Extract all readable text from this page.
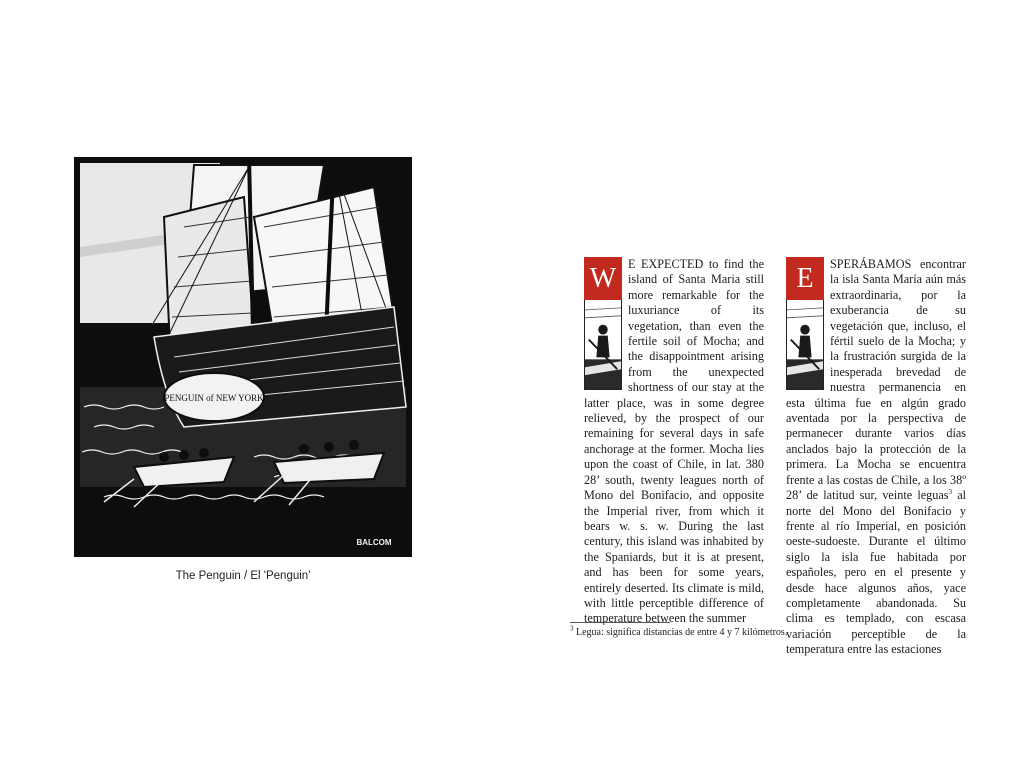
PENGUIN of NEW YORK
BALCOM
The Penguin / El 'Penguin'
W E EXPECTED to find the island of Santa Maria still more remarkable for the luxuriance of its vegetation, than even the fertile soil of Mocha; and the disappointment arising from the unexpected shortness of our stay at the latter place, was in some degree relieved, by the prospect of our remaining for several days in safe anchorage at the former. Mocha lies upon the coast of Chile, in lat. 380 28’ south, twenty leagues north of Mono del Bonifacio, and opposite the Imperial river, from which it bears w. s. w. During the last century, this island was inhabited by the Spaniards, but it is at present, and has been for some years, entirely deserted. Its climate is mild, with little perceptible difference of temperature between the summer

E	SPERÁBAMOS encontrar la isla Santa María aún más extraordinaria, por la exuberancia de su vegetación que, incluso, el fértil suelo de la Mocha; y la frustración surgida de la inesperada brevedad de nuestra permanencia en esta última fue en algún grado aventada por la perspectiva de permanecer durante varios días anclados bajo la protección de la primera. La Mocha se encuentra frente a las costas de Chile, a los 38º 28’ de latitud sur, veinte leguas$^3$ al norte del Mono del Bonifacio y frente al río Imperial, en posición oeste-sudoeste. Durante el último siglo la isla fue habitada por españoles, pero en el presente y desde hace algunos años, yace completamente abandonada. Su clima es templado, con escasa variación perceptible de la temperatura entre las estaciones

$^3$ Legua: significa distancias de entre 4 y 7 kilómetros.
